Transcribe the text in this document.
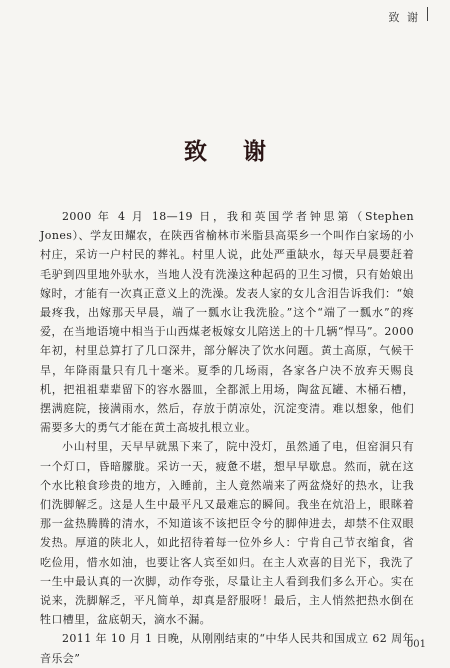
致 谢
致 谢

2000 年 4 月 18—19 日，我和英国学者钟思第（Stephen Jones）、学友田耀农，在陕西省榆林市米脂县高渠乡一个叫作白家场的小村庄，采访一户村民的葬礼。村里人说，此处严重缺水，每天早晨要赶着毛驴到四里地外驮水，当地人没有洗澡这种起码的卫生习惯，只有始娘出嫁时，才能有一次真正意义上的洗澡。发表人家的女儿含泪告诉我们：“娘最疼我，出嫁那天早晨，端了一瓢水让我洗脸。”这个“端了一瓢水”的疼爱，在当地语境中相当于山西煤老板嫁女儿陪送上的十几辆“悍马”。2000 年初，村里总算打了几口深井，部分解决了饮水问题。黄土高原，气候干旱，年降雨量只有几十毫米。夏季的几场雨，各家各户决不放弃天赐良机，把祖祖辈辈留下的容水器皿，全都派上用场，陶盆瓦罐、木桶石槽，摆满庭院，接满雨水，然后，存放于荫凉处，沉淀变清。难以想象，他们需要多大的勇气才能在黄土高坡扎根立业。

小山村里，天早早就黑下来了，院中没灯，虽然通了电，但窑洞只有一个灯口，昏暗朦胧。采访一天，疲惫不堪，想早早歇息。然而，就在这个水比粮食珍贵的地方，入睡前，主人竟然端来了两盆烧好的热水，让我们洗脚解乏。这是人生中最平凡又最难忘的瞬间。我坐在炕沿上，眼眯着那一盆热腾腾的清水，不知道该不该把臣令兮的脚伸进去，却禁不住双眼发热。厚道的陕北人，如此招待着每一位外乡人：宁肯自己节衣缩食，省吃俭用，惜水如油，也要让客人宾至如归。在主人欢喜的目光下，我洗了一生中最认真的一次脚，动作夸张，尽量让主人看到我们多么开心。实在说来，洗脚解乏，平凡简单，却真是舒服呀！最后，主人悄然把热水倒在牲口槽里，盆底朝天，滴水不漏。

2011 年 10 月 1 日晚，从刚刚结束的“中华人民共和国成立 62 周年音乐会”

001
